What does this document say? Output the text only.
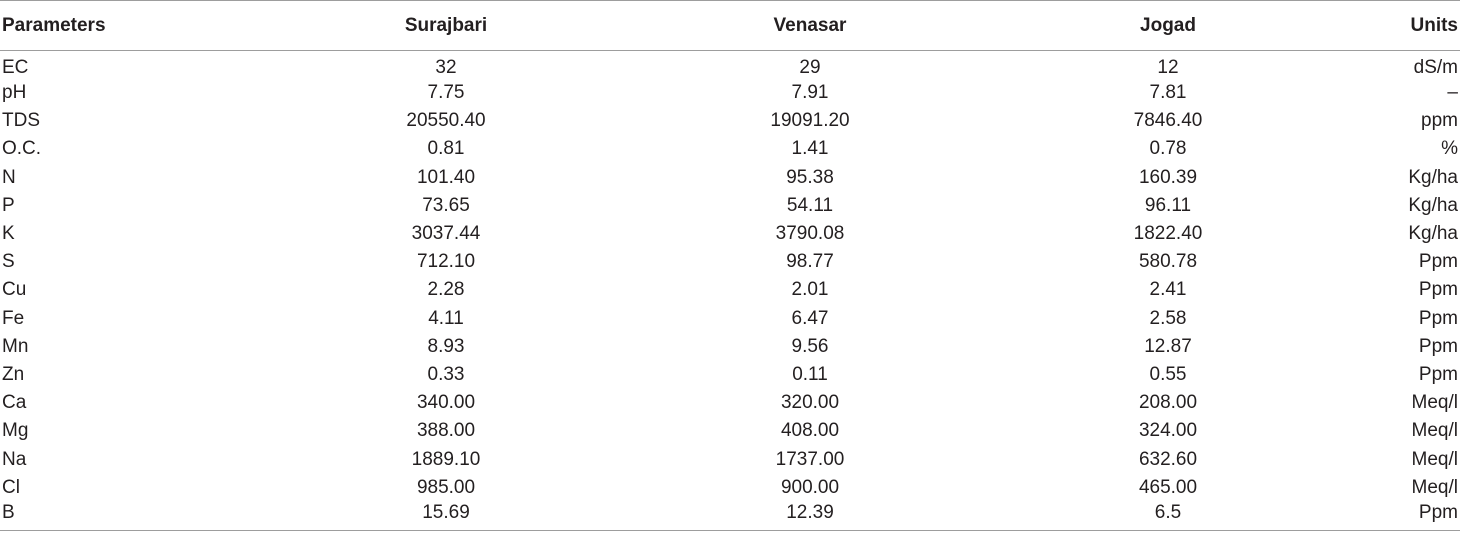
Parameters	Surajbari	Venasar	Jogad	Units
EC	32	29	12	dS/m
pH	7.75	7.91	7.81	–
TDS	20550.40	19091.20	7846.40	ppm
O.C.	0.81	1.41	0.78	%
N	101.40	95.38	160.39	Kg/ha
P	73.65	54.11	96.11	Kg/ha
K	3037.44	3790.08	1822.40	Kg/ha
S	712.10	98.77	580.78	Ppm
Cu	2.28	2.01	2.41	Ppm
Fe	4.11	6.47	2.58	Ppm
Mn	8.93	9.56	12.87	Ppm
Zn	0.33	0.11	0.55	Ppm
Ca	340.00	320.00	208.00	Meq/l
Mg	388.00	408.00	324.00	Meq/l
Na	1889.10	1737.00	632.60	Meq/l
Cl	985.00	900.00	465.00	Meq/l
B	15.69	12.39	6.5	Ppm
